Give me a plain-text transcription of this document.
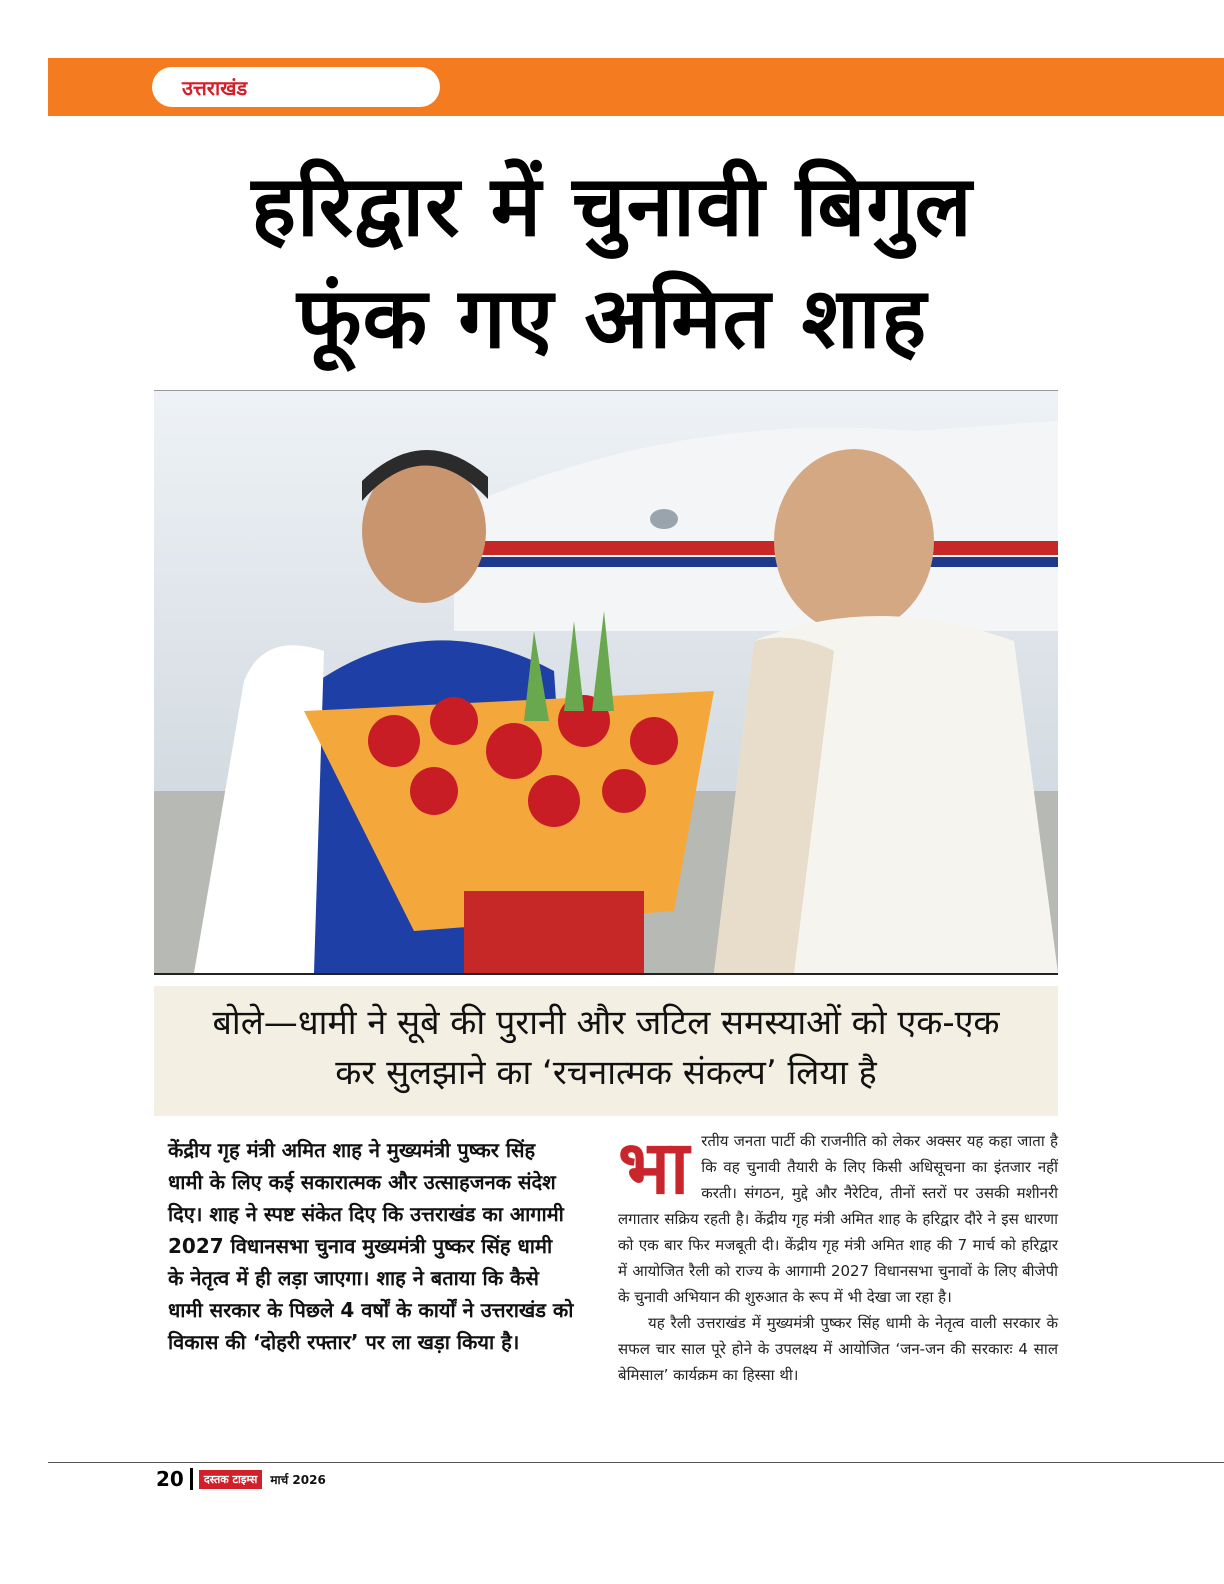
उत्तराखंड
हरिद्वार में चुनावी बिगुल
फूंक गए अमित शाह
बोले—धामी ने सूबे की पुरानी और जटिल समस्याओं को एक-एक
कर सुलझाने का ‘रचनात्मक संकल्प’ लिया है
केंद्रीय गृह मंत्री अमित शाह ने मुख्यमंत्री पुष्कर सिंह धामी के लिए कई सकारात्मक और उत्साहजनक संदेश दिए। शाह ने स्पष्ट संकेत दिए कि उत्तराखंड का आगामी 2027 विधानसभा चुनाव मुख्यमंत्री पुष्कर सिंह धामी के नेतृत्व में ही लड़ा जाएगा। शाह ने बताया कि कैसे धामी सरकार के पिछले 4 वर्षों के कार्यों ने उत्तराखंड को विकास की ‘दोहरी रफ्तार’ पर ला खड़ा किया है।
भा रतीय जनता पार्टी की राजनीति को लेकर अक्सर यह कहा जाता है कि वह चुनावी तैयारी के लिए किसी अधिसूचना का इंतजार नहीं करती। संगठन, मुद्दे और नैरेटिव, तीनों स्तरों पर उसकी मशीनरी लगातार सक्रिय रहती है। केंद्रीय गृह मंत्री अमित शाह के हरिद्वार दौरे ने इस धारणा को एक बार फिर मजबूती दी। केंद्रीय गृह मंत्री अमित शाह की 7 मार्च को हरिद्वार में आयोजित रैली को राज्य के आगामी 2027 विधानसभा चुनावों के लिए बीजेपी के चुनावी अभियान की शुरुआत के रूप में भी देखा जा रहा है।

यह रैली उत्तराखंड में मुख्यमंत्री पुष्कर सिंह धामी के नेतृत्व वाली सरकार के सफल चार साल पूरे होने के उपलक्ष्य में आयोजित ‘जन-जन की सरकारः 4 साल बेमिसाल’ कार्यक्रम का हिस्सा थी।

20	दस्तक टाइम्स	मार्च 2026
